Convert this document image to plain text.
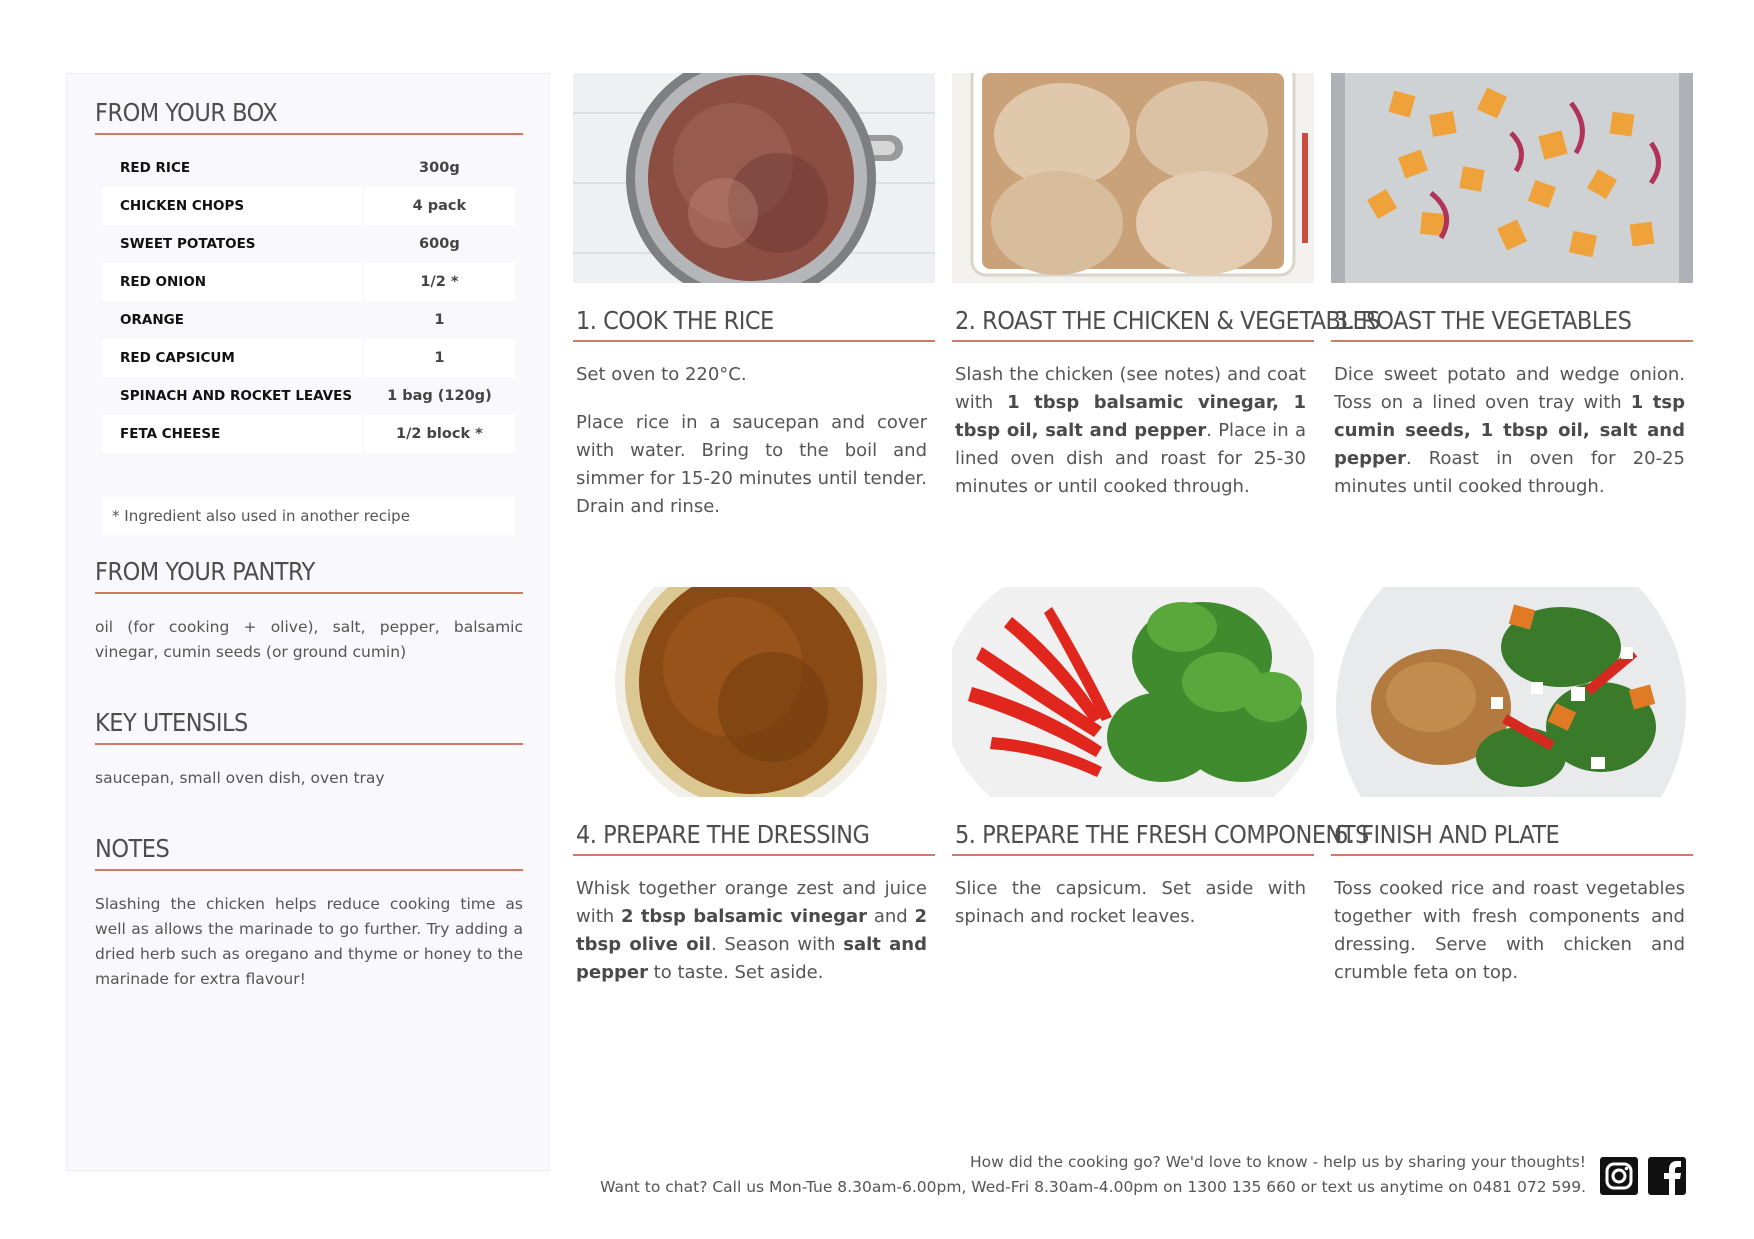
FROM YOUR BOX
RED RICE	300g
CHICKEN CHOPS	4 pack
SWEET POTATOES	600g
RED ONION	1/2 *
ORANGE	1
RED CAPSICUM	1
SPINACH AND ROCKET LEAVES	1 bag (120g)
FETA CHEESE	1/2 block *
* Ingredient also used in another recipe
FROM YOUR PANTRY
oil (for cooking + olive), salt, pepper, balsamic vinegar, cumin seeds (or ground cumin)
KEY UTENSILS
saucepan, small oven dish, oven tray
NOTES
Slashing the chicken helps reduce cooking time as well as allows the marinade to go further. Try adding a dried herb such as oregano and thyme or honey to the marinade for extra flavour!
1. COOK THE RICE

Set oven to 220°C.

Place rice in a saucepan and cover with water. Bring to the boil and simmer for 15-20 minutes until tender. Drain and rinse.

2. ROAST THE CHICKEN & VEGETABLES

Slash the chicken (see notes) and coat with 1 tbsp balsamic vinegar, 1 tbsp oil, salt and pepper. Place in a lined oven dish and roast for 25-30 minutes or until cooked through.

3. ROAST THE VEGETABLES

Dice sweet potato and wedge onion. Toss on a lined oven tray with 1 tsp cumin seeds, 1 tbsp oil, salt and pepper. Roast in oven for 20-25 minutes until cooked through.

4. PREPARE THE DRESSING

Whisk together orange zest and juice with 2 tbsp balsamic vinegar and 2 tbsp olive oil. Season with salt and pepper to taste. Set aside.

5. PREPARE THE FRESH COMPONENTS

Slice the capsicum. Set aside with spinach and rocket leaves.

6. FINISH AND PLATE

Toss cooked rice and roast vegetables together with fresh components and dressing. Serve with chicken and crumble feta on top.

How did the cooking go? We'd love to know - help us by sharing your thoughts!
Want to chat? Call us Mon-Tue 8.30am-6.00pm, Wed-Fri 8.30am-4.00pm on 1300 135 660 or text us anytime on 0481 072 599.
